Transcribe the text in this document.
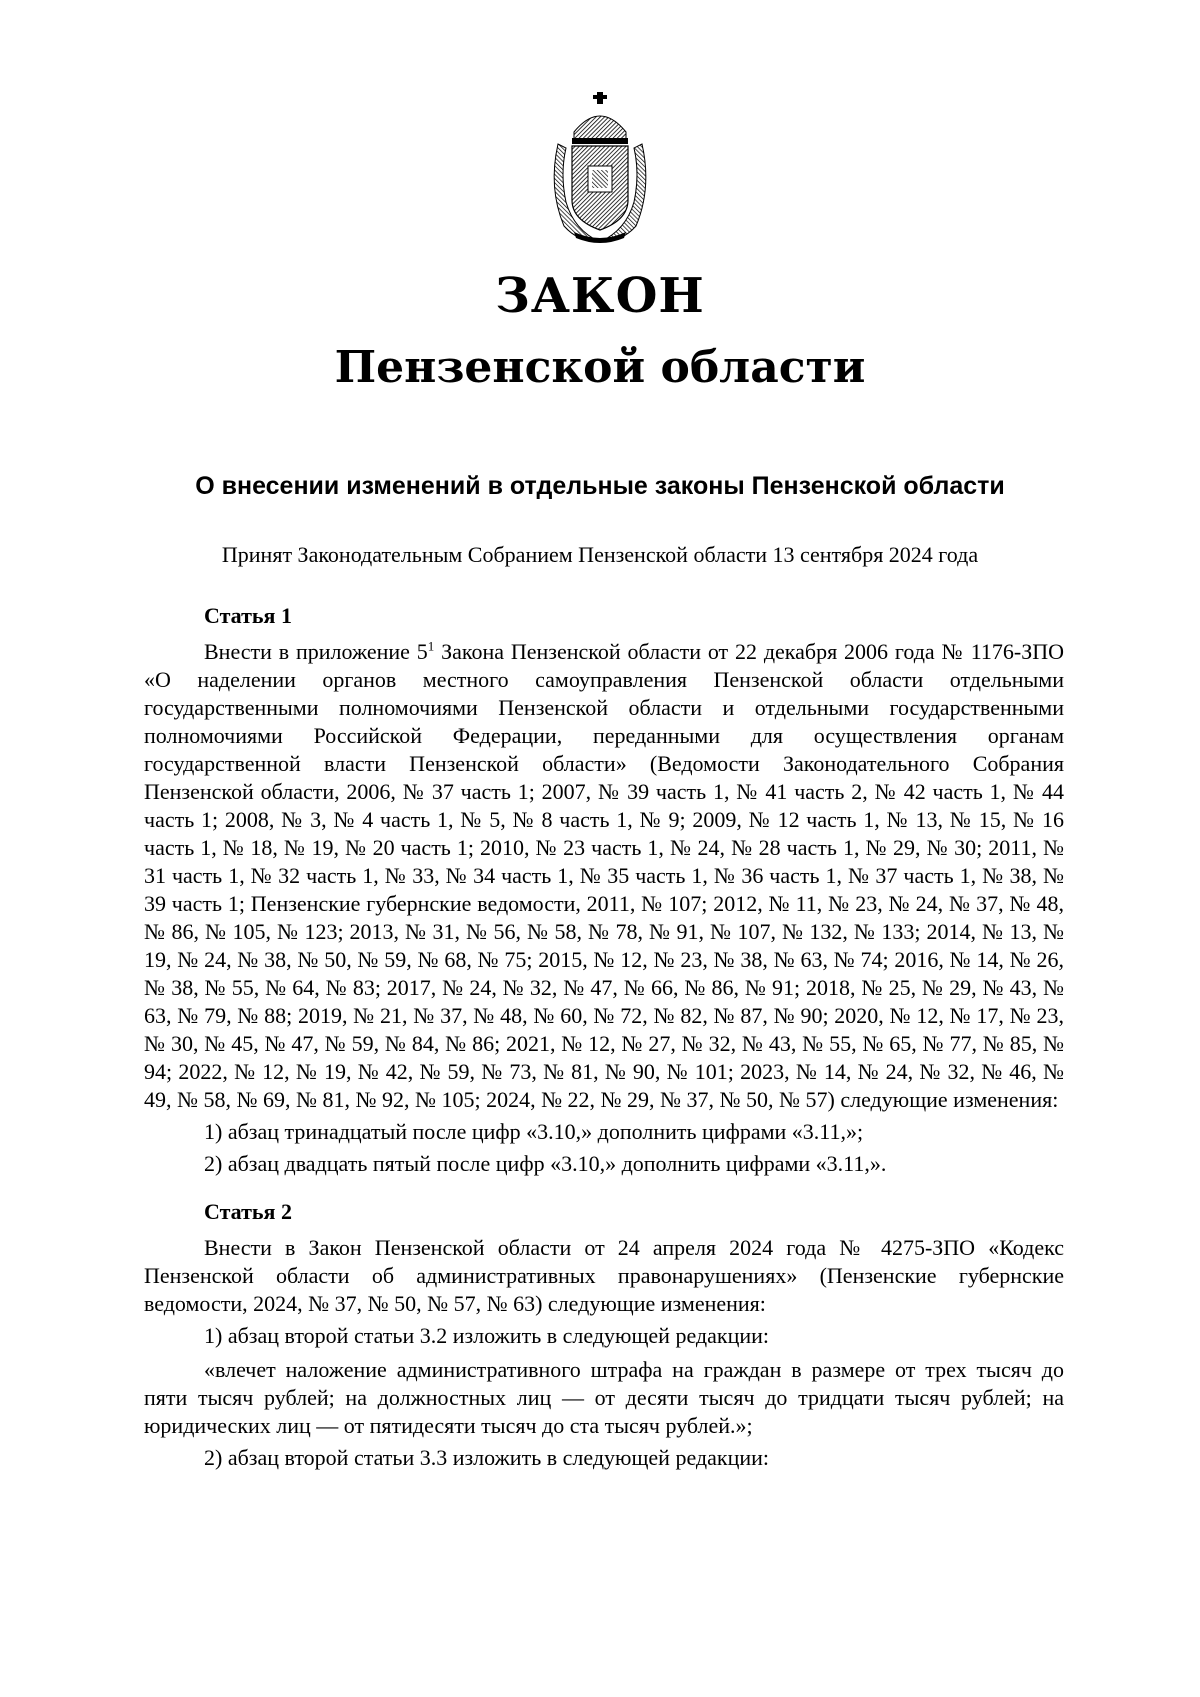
ЗАКОН
Пензенской области
О внесении изменений в отдельные законы Пензенской области
Принят Законодательным Собранием Пензенской области 13 сентября 2024 года
Статья 1

Внести в приложение $5^1$ Закона Пензенской области от 22 декабря 2006 года № 1176-ЗПО «О наделении органов местного самоуправления Пензенской области отдельными государственными полномочиями Пензенской области и отдельными государственными полномочиями Российской Федерации, переданными для осуществления органам государственной власти Пензенской области» (Ведомости Законодательного Собрания Пензенской области, 2006, № 37 часть 1; 2007, № 39 часть 1, № 41 часть 2, № 42 часть 1, № 44 часть 1; 2008, № 3, № 4 часть 1, № 5, № 8 часть 1, № 9; 2009, № 12 часть 1, № 13, № 15, № 16 часть 1, № 18, № 19, № 20 часть 1; 2010, № 23 часть 1, № 24, № 28 часть 1, № 29, № 30; 2011, № 31 часть 1, № 32 часть 1, № 33, № 34 часть 1, № 35 часть 1, № 36 часть 1, № 37 часть 1, № 38, № 39 часть 1; Пензенские губернские ведомости, 2011, № 107; 2012, № 11, № 23, № 24, № 37, № 48, № 86, № 105, № 123; 2013, № 31, № 56, № 58, № 78, № 91, № 107, № 132, № 133; 2014, № 13, № 19, № 24, № 38, № 50, № 59, № 68, № 75; 2015, № 12, № 23, № 38, № 63, № 74; 2016, № 14, № 26, № 38, № 55, № 64, № 83; 2017, № 24, № 32, № 47, № 66, № 86, № 91; 2018, № 25, № 29, № 43, № 63, № 79, № 88; 2019, № 21, № 37, № 48, № 60, № 72, № 82, № 87, № 90; 2020, № 12, № 17, № 23, № 30, № 45, № 47, № 59, № 84, № 86; 2021, № 12, № 27, № 32, № 43, № 55, № 65, № 77, № 85, № 94; 2022, № 12, № 19, № 42, № 59, № 73, № 81, № 90, № 101; 2023, № 14, № 24, № 32, № 46, № 49, № 58, № 69, № 81, № 92, № 105; 2024, № 22, № 29, № 37, № 50, № 57) следующие изменения:

1) абзац тринадцатый после цифр «3.10,» дополнить цифрами «3.11,»;

2) абзац двадцать пятый после цифр «3.10,» дополнить цифрами «3.11,».

Статья 2

Внести в Закон Пензенской области от 24 апреля 2024 года № 4275-ЗПО «Кодекс Пензенской области об административных правонарушениях» (Пензенские губернские ведомости, 2024, № 37, № 50, № 57, № 63) следующие изменения:

1) абзац второй статьи 3.2 изложить в следующей редакции:

«влечет наложение административного штрафа на граждан в размере от трех тысяч до пяти тысяч рублей; на должностных лиц — от десяти тысяч до тридцати тысяч рублей; на юридических лиц — от пятидесяти тысяч до ста тысяч рублей.»;

2) абзац второй статьи 3.3 изложить в следующей редакции:
